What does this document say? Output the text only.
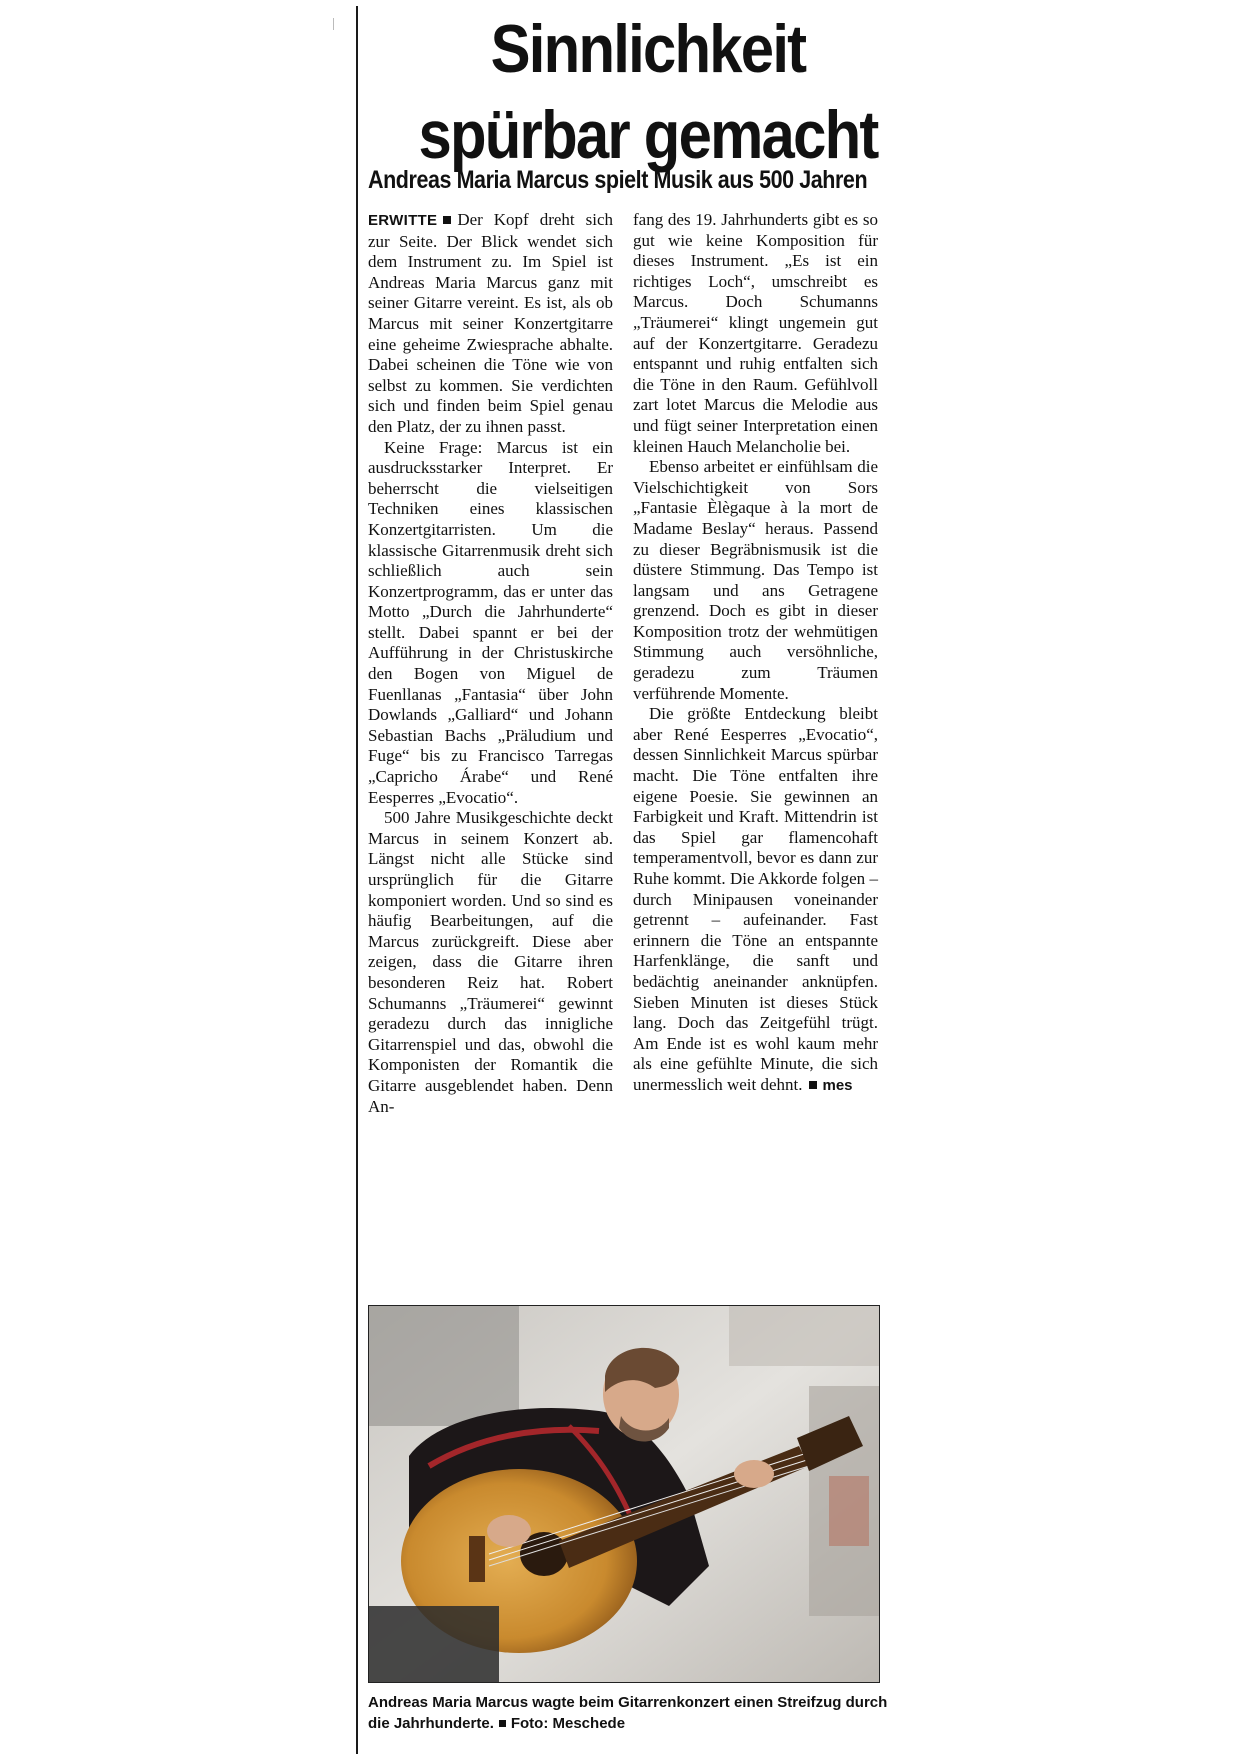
Sinnlichkeit
spürbar gemacht
Andreas Maria Marcus spielt Musik aus 500 Jahren

ERWITTE Der Kopf dreht sich zur Seite. Der Blick wendet sich dem Instrument zu. Im Spiel ist Andreas Maria Marcus ganz mit seiner Gitarre vereint. Es ist, als ob Marcus mit seiner Konzertgitarre eine geheime Zwiesprache abhalte. Dabei scheinen die Töne wie von selbst zu kommen. Sie verdichten sich und finden beim Spiel genau den Platz, der zu ihnen passt.

Keine Frage: Marcus ist ein ausdrucksstarker Interpret. Er beherrscht die vielseitigen Techniken eines klassischen Konzertgitarristen. Um die klassische Gitarrenmusik dreht sich schließlich auch sein Konzertprogramm, das er unter das Motto „Durch die Jahrhunderte“ stellt. Dabei spannt er bei der Aufführung in der Christuskirche den Bogen von Miguel de Fuenllanas „Fantasia“ über John Dowlands „Galliard“ und Johann Sebastian Bachs „Präludium und Fuge“ bis zu Francisco Tarregas „Capricho Árabe“ und René Eesperres „Evocatio“.

500 Jahre Musikgeschichte deckt Marcus in seinem Konzert ab. Längst nicht alle Stücke sind ursprünglich für die Gitarre komponiert worden. Und so sind es häufig Bearbeitungen, auf die Marcus zurückgreift. Diese aber zeigen, dass die Gitarre ihren besonderen Reiz hat. Robert Schumanns „Träumerei“ gewinnt geradezu durch das innigliche Gitarrenspiel und das, obwohl die Komponisten der Romantik die Gitarre ausgeblendet haben. Denn An-

fang des 19. Jahrhunderts gibt es so gut wie keine Komposition für dieses Instrument. „Es ist ein richtiges Loch“, umschreibt es Marcus. Doch Schumanns „Träumerei“ klingt ungemein gut auf der Konzertgitarre. Geradezu entspannt und ruhig entfalten sich die Töne in den Raum. Gefühlvoll zart lotet Marcus die Melodie aus und fügt seiner Interpretation einen kleinen Hauch Melancholie bei.

Ebenso arbeitet er einfühlsam die Vielschichtigkeit von Sors „Fantasie Èlègaque à la mort de Madame Beslay“ heraus. Passend zu dieser Begräbnismusik ist die düstere Stimmung. Das Tempo ist langsam und ans Getragene grenzend. Doch es gibt in dieser Komposition trotz der wehmütigen Stimmung auch versöhnliche, geradezu zum Träumen verführende Momente.

Die größte Entdeckung bleibt aber René Eesperres „Evocatio“, dessen Sinnlichkeit Marcus spürbar macht. Die Töne entfalten ihre eigene Poesie. Sie gewinnen an Farbigkeit und Kraft. Mittendrin ist das Spiel gar flamencohaft temperamentvoll, bevor es dann zur Ruhe kommt. Die Akkorde folgen – durch Minipausen voneinander getrennt – aufeinander. Fast erinnern die Töne an entspannte Harfenklänge, die sanft und bedächtig aneinander anknüpfen. Sieben Minuten ist dieses Stück lang. Doch das Zeitgefühl trügt. Am Ende ist es wohl kaum mehr als eine gefühlte Minute, die sich unermesslich weit dehnt. mes

Andreas Maria Marcus wagte beim Gitarrenkonzert einen Streifzug durch die Jahrhunderte. Foto: Meschede
